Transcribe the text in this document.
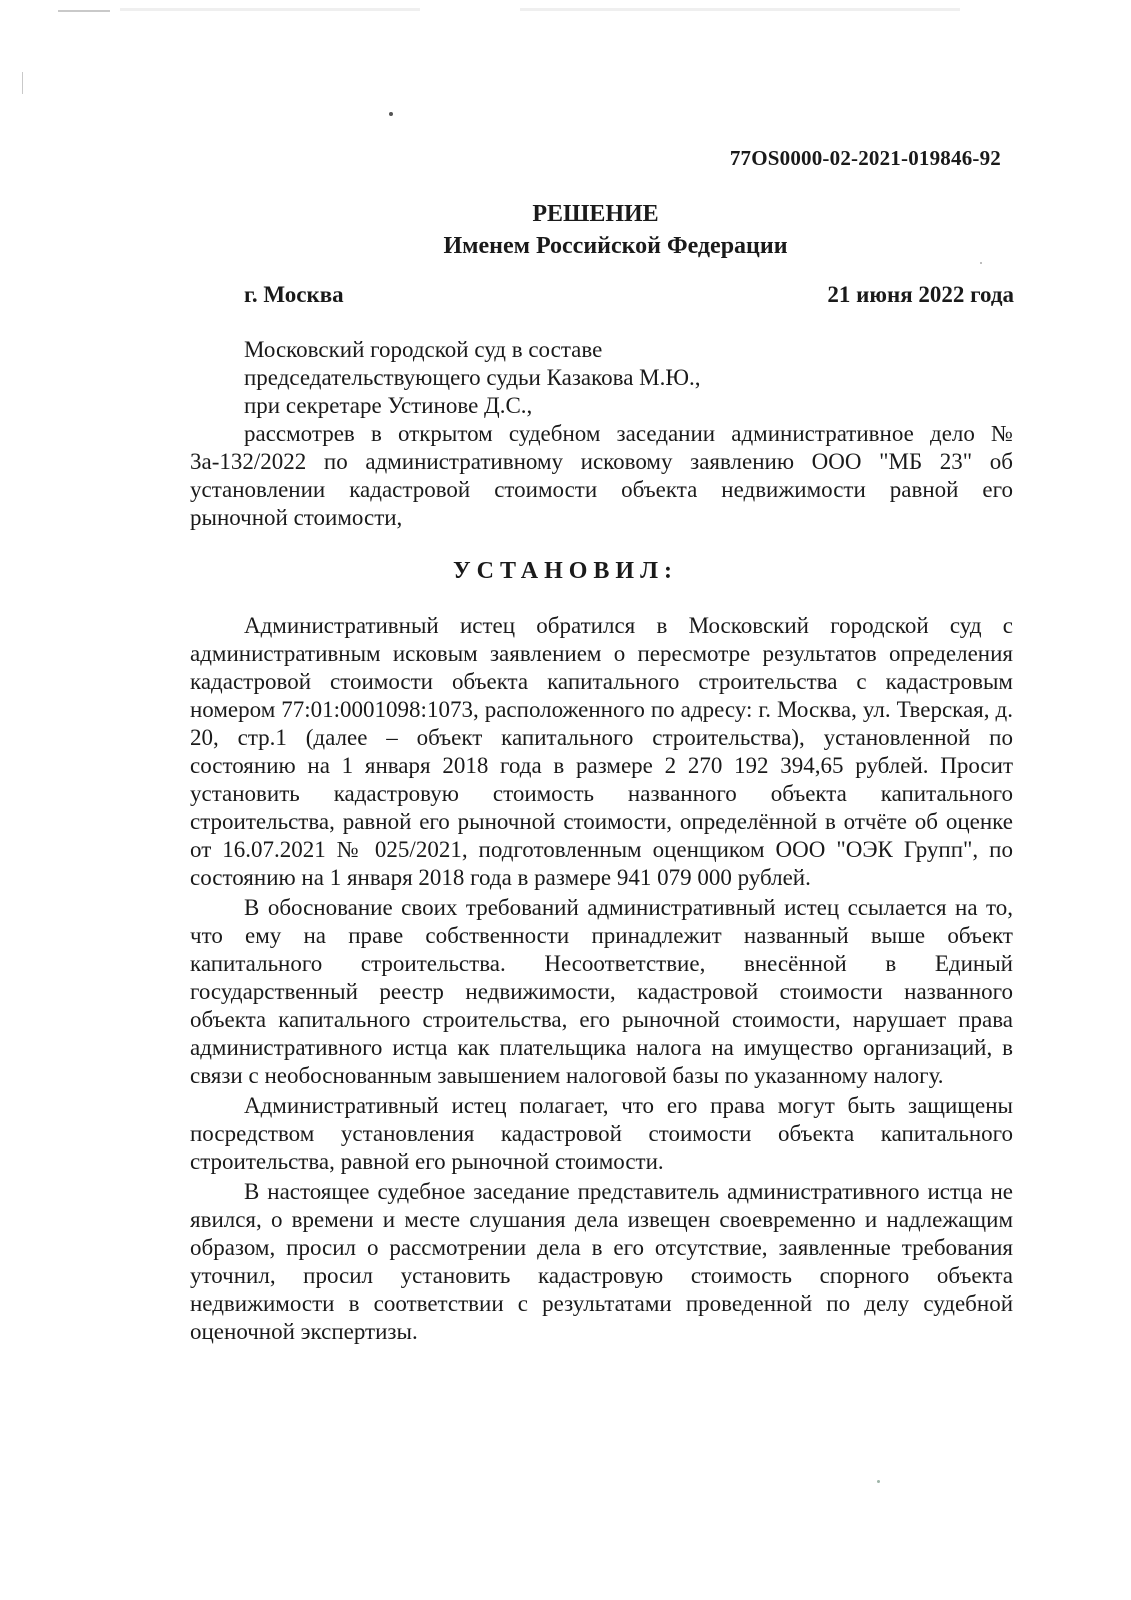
77OS0000-02-2021-019846-92
РЕШЕНИЕ
Именем Российской Федерации
г. Москва	21 июня 2022 года
Московский городской суд в составе
председательствующего судьи Казакова М.Ю.,
при секретаре Устинове Д.С.,
рассмотрев в открытом судебном заседании административное дело №
3а-132/2022 по административному исковому заявлению ООО "МБ 23" об
установлении кадастровой стоимости объекта недвижимости равной его
рыночной стоимости,
УСТАНОВИЛ:

Административный истец обратился в Московский городской суд с административным исковым заявлением о пересмотре результатов определения кадастровой стоимости объекта капитального строительства с кадастровым номером 77:01:0001098:1073, расположенного по адресу: г. Москва, ул. Тверская, д. 20, стр.1 (далее – объект капитального строительства), установленной по состоянию на 1 января 2018 года в размере 2 270 192 394,65 рублей. Просит установить кадастровую стоимость названного объекта капитального строительства, равной его рыночной стоимости, определённой в отчёте об оценке от 16.07.2021 № 025/2021, подготовленным оценщиком ООО "ОЭК Групп", по состоянию на 1 января 2018 года в размере 941 079 000 рублей.

В обоснование своих требований административный истец ссылается на то, что ему на праве собственности принадлежит названный выше объект капитального строительства. Несоответствие, внесённой в Единый государственный реестр недвижимости, кадастровой стоимости названного объекта капитального строительства, его рыночной стоимости, нарушает права административного истца как плательщика налога на имущество организаций, в связи с необоснованным завышением налоговой базы по указанному налогу.

Административный истец полагает, что его права могут быть защищены посредством установления кадастровой стоимости объекта капитального строительства, равной его рыночной стоимости.

В настоящее судебное заседание представитель административного истца не явился, о времени и месте слушания дела извещен своевременно и надлежащим образом, просил о рассмотрении дела в его отсутствие, заявленные требования уточнил, просил установить кадастровую стоимость спорного объекта недвижимости в соответствии с результатами проведенной по делу судебной оценочной экспертизы.
